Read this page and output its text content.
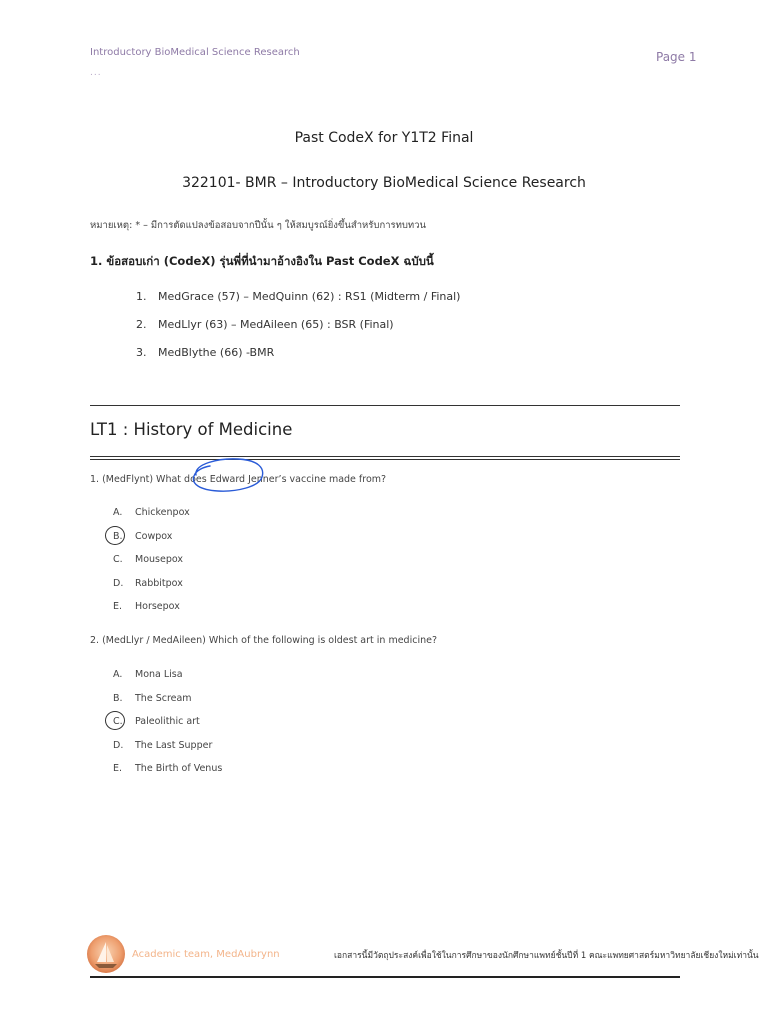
Introductory BioMedical Science Research
...
Page 1
Past CodeX for Y1T2 Final
322101- BMR – Introductory BioMedical Science Research
หมายเหตุ: * – มีการตัดแปลงข้อสอบจากปีนั้น ๆ ให้สมบูรณ์ยิ่งขึ้นสำหรับการทบทวน
1. ข้อสอบเก่า (CodeX) รุ่นพี่ที่นำมาอ้างอิงใน Past CodeX ฉบับนี้
1.	MedGrace (57) – MedQuinn (62) : RS1 (Midterm / Final)
2.	MedLlyr (63) – MedAileen (65) : BSR (Final)
3.	MedBlythe (66) -BMR
LT1 : History of Medicine
1. (MedFlynt) What does Edward Jenner’s vaccine made from?
A.	Chickenpox
B.	Cowpox
C.	Mousepox
D.	Rabbitpox
E.	Horsepox
2. (MedLlyr / MedAileen) Which of the following is oldest art in medicine?
A.	Mona Lisa
B.	The Scream
C.	Paleolithic art
D.	The Last Supper
E.	The Birth of Venus
Academic team, MedAubrynn	เอกสารนี้มีวัตถุประสงค์เพื่อใช้ในการศึกษาของนักศึกษาแพทย์ชั้นปีที่ 1 คณะแพทยศาสตร์มหาวิทยาลัยเชียงใหม่เท่านั้น
